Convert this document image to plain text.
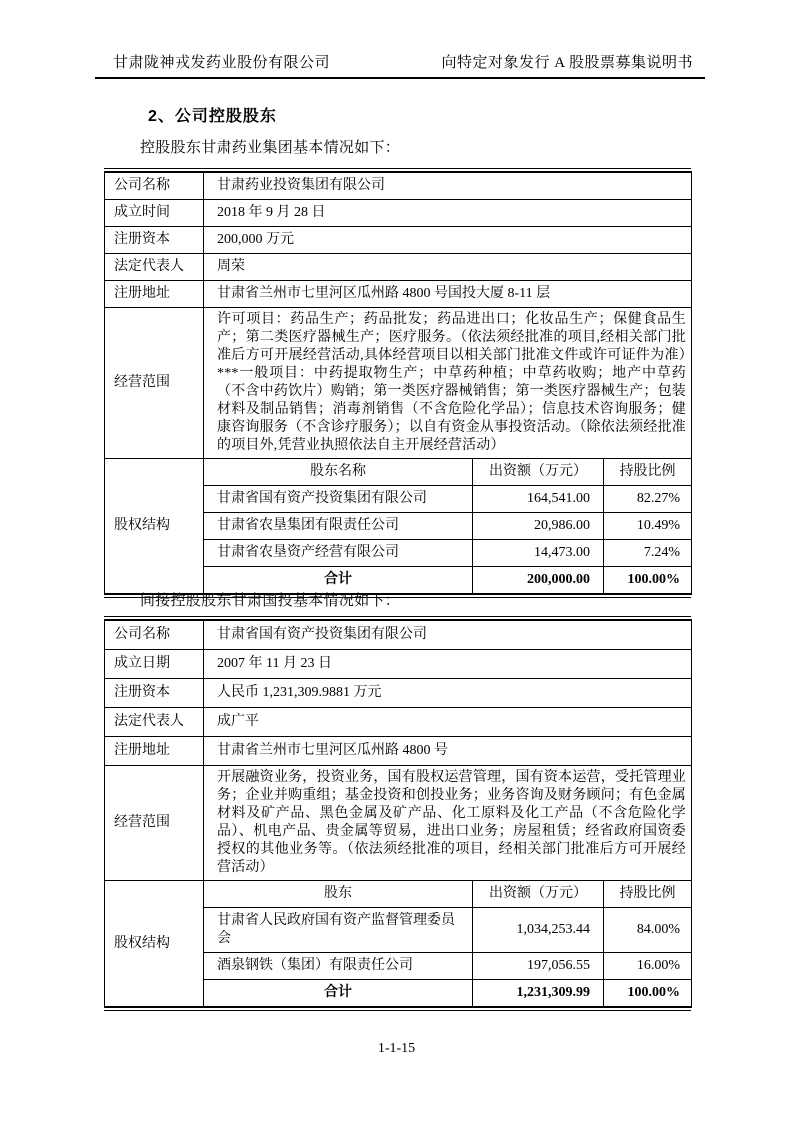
甘肃陇神戎发药业股份有限公司	向特定对象发行 A 股股票募集说明书
2、公司控股股东

控股股东甘肃药业集团基本情况如下：

公司名称	甘肃药业投资集团有限公司		
成立时间	2018 年 9 月 28 日		
注册资本	200,000 万元		
法定代表人	周荣		
注册地址	甘肃省兰州市七里河区瓜州路 4800 号国投大厦 8-11 层		
经营范围	许可项目：药品生产；药品批发；药品进出口；化妆品生产；保健食品生产；第二类医疗器械生产；医疗服务。（依法须经批准的项目,经相关部门批准后方可开展经营活动,具体经营项目以相关部门批准文件或许可证件为准）***一般项目：中药提取物生产；中草药种植；中草药收购；地产中草药（不含中药饮片）购销；第一类医疗器械销售；第一类医疗器械生产；包装材料及制品销售；消毒剂销售（不含危险化学品）；信息技术咨询服务；健康咨询服务（不含诊疗服务）；以自有资金从事投资活动。（除依法须经批准的项目外,凭营业执照依法自主开展经营活动）		
股权结构	股东名称	出资额（万元）	持股比例
	甘肃省国有资产投资集团有限公司	164,541.00	82.27%
	甘肃省农垦集团有限责任公司	20,986.00	10.49%
	甘肃省农垦资产经营有限公司	14,473.00	7.24%
	合计	200,000.00	100.00%

间接控股股东甘肃国投基本情况如下：

公司名称	甘肃省国有资产投资集团有限公司		
成立日期	2007 年 11 月 23 日		
注册资本	人民币 1,231,309.9881 万元		
法定代表人	成广平		
注册地址	甘肃省兰州市七里河区瓜州路 4800 号		
经营范围	开展融资业务，投资业务，国有股权运营管理，国有资本运营，受托管理业务；企业并购重组；基金投资和创投业务；业务咨询及财务顾问；有色金属材料及矿产品、黑色金属及矿产品、化工原料及化工产品（不含危险化学品）、机电产品、贵金属等贸易，进出口业务；房屋租赁；经省政府国资委授权的其他业务等。（依法须经批准的项目，经相关部门批准后方可开展经营活动）		
股权结构	股东	出资额（万元）	持股比例
	甘肃省人民政府国有资产监督管理委员会	1,034,253.44	84.00%
	酒泉钢铁（集团）有限责任公司	197,056.55	16.00%
	合计	1,231,309.99	100.00%
1-1-15
